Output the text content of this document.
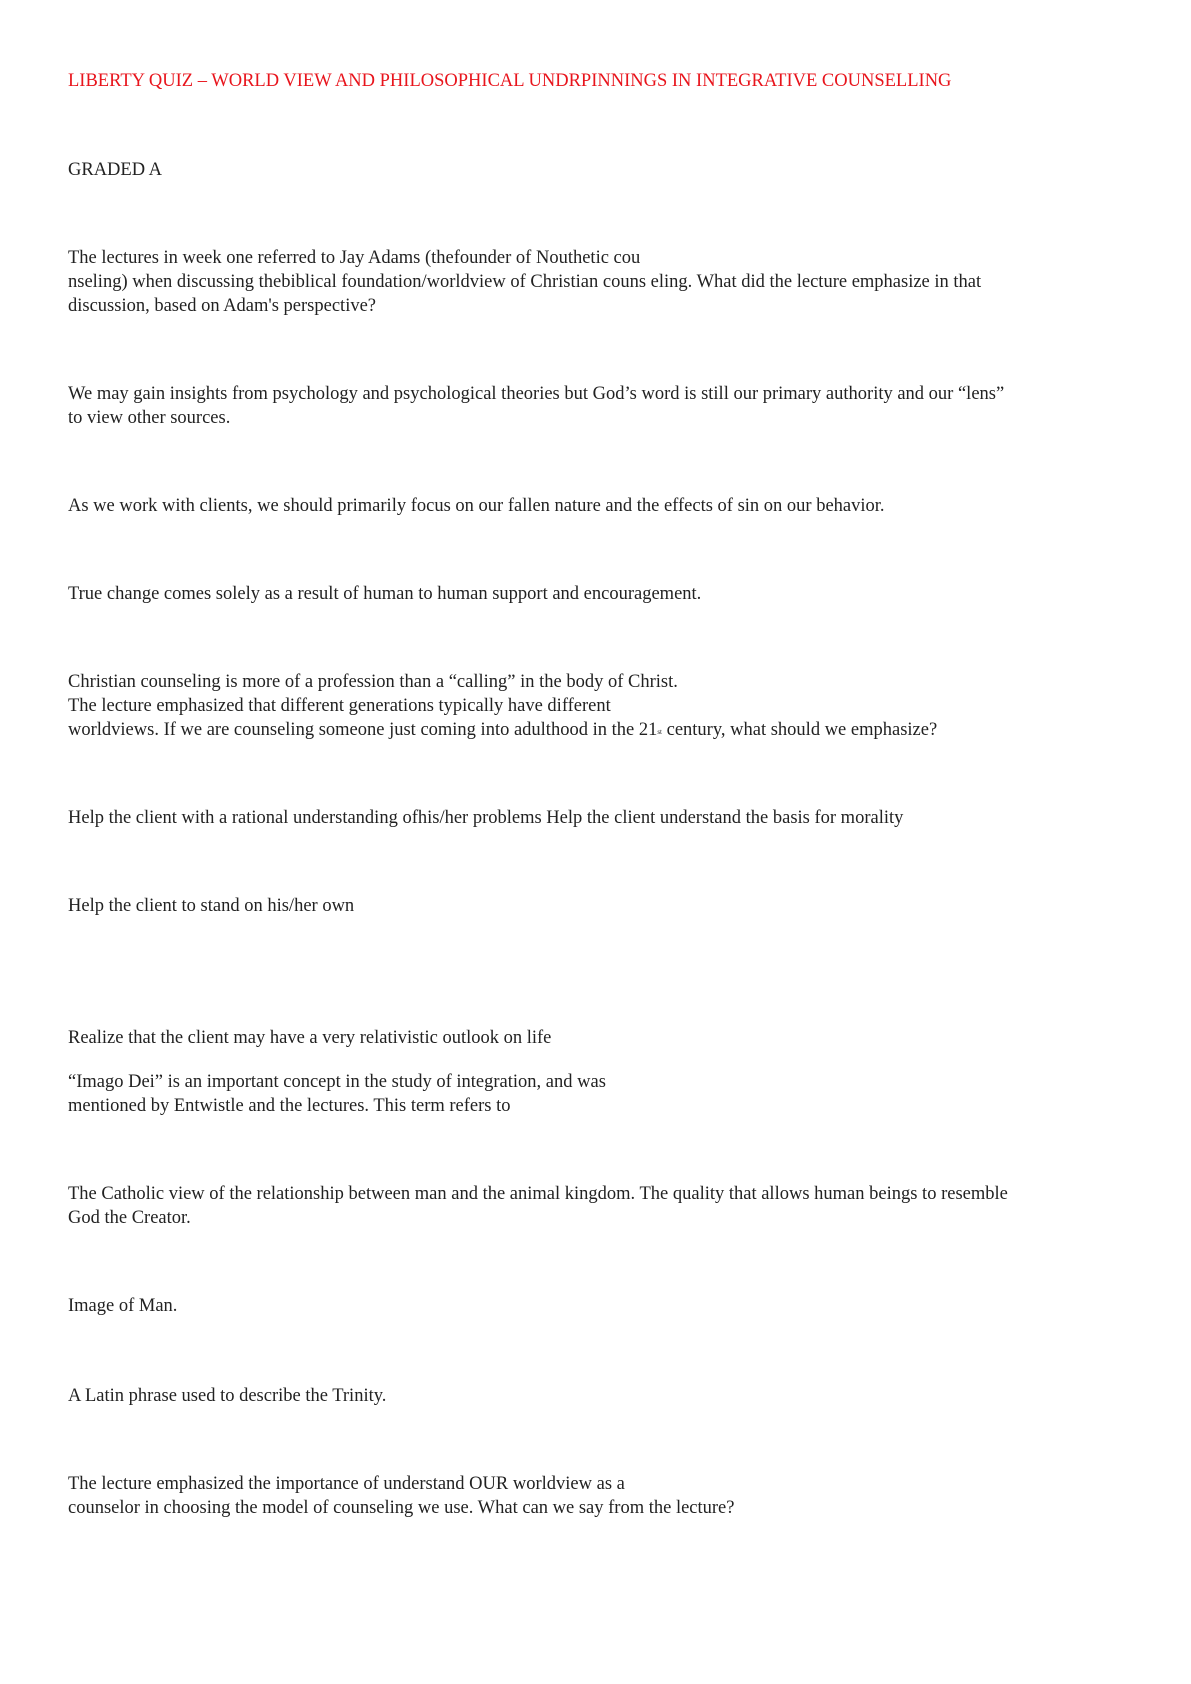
LIBERTY QUIZ – WORLD VIEW AND PHILOSOPHICAL UNDRPINNINGS IN INTEGRATIVE COUNSELLING

GRADED A

The lectures in week one referred to Jay Adams (thefounder of Nouthetic cou

nseling) when discussing thebiblical foundation/worldview of Christian couns eling. What did the lecture emphasize in that

discussion, based on Adam's perspective?

We may gain insights from psychology and psychological theories but God’s word is still our primary authority and our “lens”

to view other sources.

As we work with clients, we should primarily focus on our fallen nature and the effects of sin on our behavior.

True change comes solely as a result of human to human support and encouragement.

Christian counseling is more of a profession than a “calling” in the body of Christ.

The lecture emphasized that different generations typically have different

worldviews. If we are counseling someone just coming into adulthood in the 21st century, what should we emphasize?

Help the client with a rational understanding ofhis/her problems Help the client understand the basis for morality

Help the client to stand on his/her own

Realize that the client may have a very relativistic outlook on life

“Imago Dei” is an important concept in the study of integration, and was

mentioned by Entwistle and the lectures. This term refers to

The Catholic view of the relationship between man and the animal kingdom. The quality that allows human beings to resemble

God the Creator.

Image of Man.

A Latin phrase used to describe the Trinity.

The lecture emphasized the importance of understand OUR worldview as a

counselor in choosing the model of counseling we use. What can we say from the lecture?
